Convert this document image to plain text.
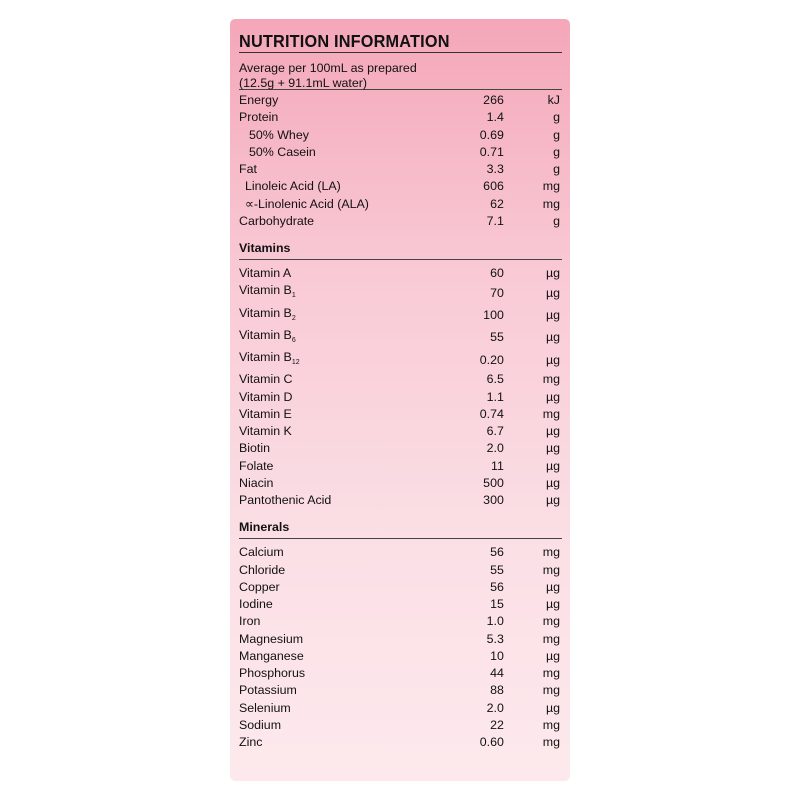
NUTRITION INFORMATION
Average per 100mL as prepared
(12.5g + 91.1mL water)
Energy	266	kJ
Protein	1.4	g
50% Whey	0.69	g
50% Casein	0.71	g
Fat	3.3	g
Linoleic Acid (LA)	606	mg
∝-Linolenic Acid (ALA)	62	mg
Carbohydrate	7.1	g
Vitamins
Vitamin A	60	µg
Vitamin $B_1$	70	µg
Vitamin $B_2$	100	µg
Vitamin $B_6$	55	µg
Vitamin $B_{12}$	0.20	µg
Vitamin C	6.5	mg
Vitamin D	1.1	µg
Vitamin E	0.74	mg
Vitamin K	6.7	µg
Biotin	2.0	µg
Folate	11	µg
Niacin	500	µg
Pantothenic Acid	300	µg
Minerals
Calcium	56	mg
Chloride	55	mg
Copper	56	µg
Iodine	15	µg
Iron	1.0	mg
Magnesium	5.3	mg
Manganese	10	µg
Phosphorus	44	mg
Potassium	88	mg
Selenium	2.0	µg
Sodium	22	mg
Zinc	0.60	mg
